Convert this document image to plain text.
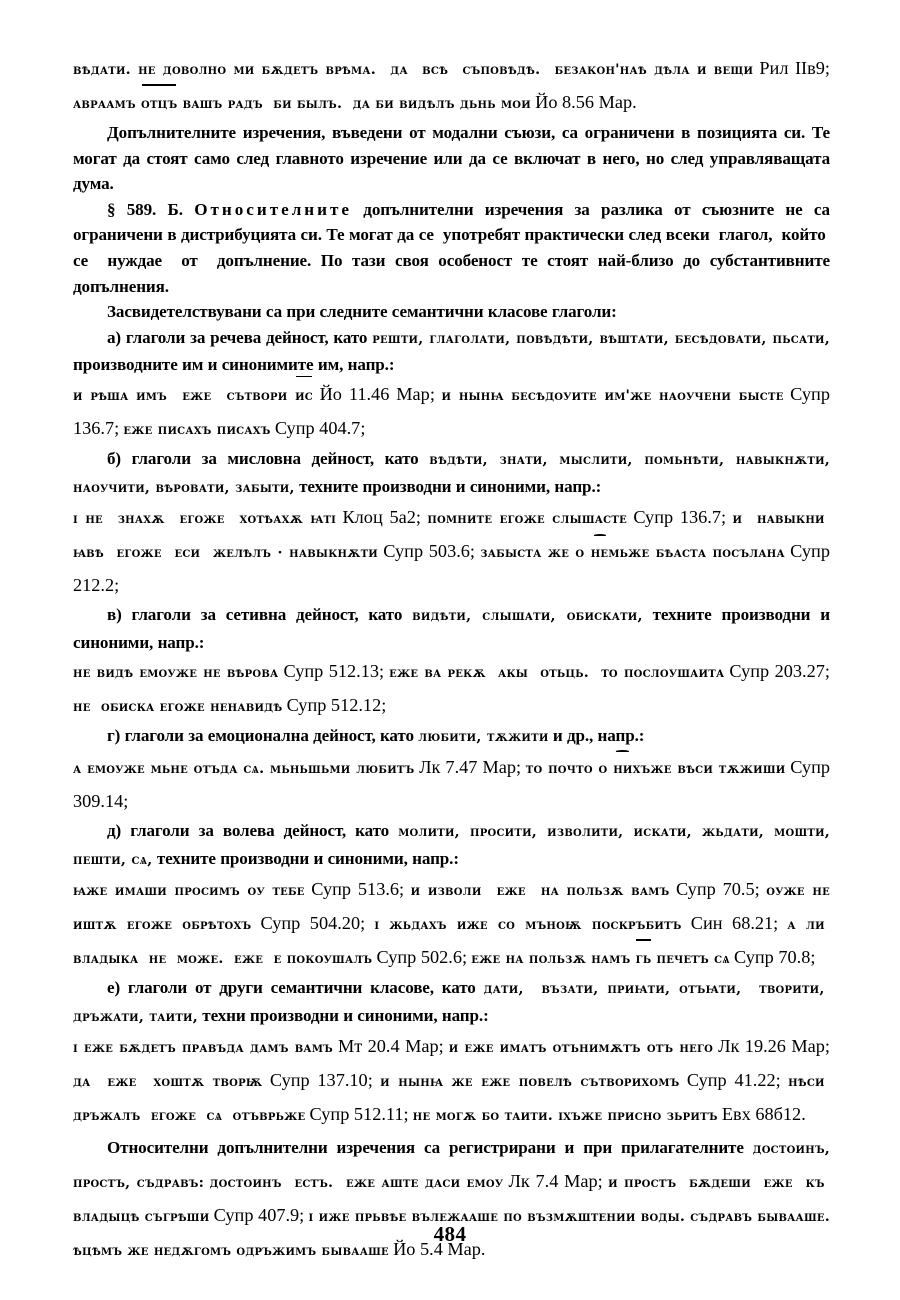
вѣдати. не доволно ми бѫдетъ врѣма.  да  всѣ  съповѣдѣ.  безакон'наѣ дѣла и вещи Рил IIв9; авраамъ отцъ вашъ радъ  би былъ.  да би видѣлъ дьнь мои Йо 8.56 Мар.

Допълнителните изречения, въведени от модални съюзи, са ограничени в позицията си. Те могат да стоят само след главното изречение или да се включат в него, но след управляващата дума.

§ 589. Б. Относителните допълнителни изречения за разлика от съюзните не са ограничени в дистрибуцията си. Те могат да се  употребят практически след всеки  глагол,  който  се  нуждае  от  допълнение. По тази своя особеност те стоят най-близо до субстантивните допълнения.

Засвидетелствувани са при следните семантични класове глаголи:

а) глаголи за речева дейност, като решти, глаголати, повѣдѣти, вѣштати, бесѣдовати, пьсати, производните им и синонимите им, напр.:

и рѣша имъ  еже  сътвори ис Йо 11.46 Мар; и нынꙗ бесѣдоуите им'же наоучени бысте Супр 136.7; еже писахъ писахъ Супр 404.7;

б) глаголи за мисловна дейност, като вѣдѣти, знати, мыслити, помьнѣти, навыкнѫти, наоучити, вѣровати, забыти, техните производни и синоними, напр.:

і не  знахѫ  егоже  хотѣахѫ ꙗті Клоц 5а2; помните егоже слышасте Супр 136.7; и  навыкни  ꙗвѣ  егоже  еси  желѣлъ · навыкнѫти Супр 503.6; забыста же о немьже бѣаста посълана Супр 212.2;

в) глаголи за сетивна дейност, като видѣти, слышати, обискати, техните производни и синоними, напр.:

не видѣ емоуже не вѣрова Супр 512.13; еже ва рекѫ  акы  отьць.  то послоушаита Супр 203.27; не  обиска егоже ненавидѣ Супр 512.12;

г) глаголи за емоционална дейност, като любити, тѫжити и др., напр.:

а емоуже мьне отъда сѧ. мьньшьми любитъ Лк 7.47 Мар; то почто о нихъже вѣси тѫжиши Супр 309.14;

д) глаголи за волева дейност, като молити, просити, изволити, искати, жьдати, мошти, пешти, сѧ, техните производни и синоними, напр.:

ꙗже имаши просимъ оу тебе Супр 513.6; и изволи  еже  на пользѫ вамъ Супр 70.5; оуже не иштѫ егоже обрѣтохъ Супр 504.20; і жьдахъ иже со мъноѭ поскръбитъ Син 68.21; а ли  владыка  не  може.  еже  е покоушалъ Супр 502.6; еже на пользѫ намъ гь печетъ сѧ Супр 70.8;

е) глаголи от други семантични класове, като дати,  възати, приꙗти, отъꙗти,  творити,  дръжати, таити, техни производни и синоними, напр.:

і еже бѫдетъ правъда дамъ вамъ Мт 20.4 Мар; и еже иматъ отънимѫтъ отъ него Лк 19.26 Мар; да  еже  хоштѫ творѭ Супр 137.10; и нынꙗ же еже повелѣ сътворихомъ Супр 41.22; нѣси  дръжалъ  егоже  сѧ  отъврьже Супр 512.11; не могѫ бо таити. іхъже присно зьритъ Евх 68б12.

Относителни допълнителни изречения са регистрирани и при прилагателните достоинъ, простъ, съдравъ: достоинъ  естъ.  еже аште даси емоу Лк 7.4 Мар; и простъ  бѫдеши  еже  къ  владыцѣ съгрѣши Супр 407.9; і иже прьвѣе вълежааше по възмѫштении воды. съдравъ бывааше. ѣцѣмъ же недѫгомъ одръжимъ бывааше Йо 5.4 Мар.

484
